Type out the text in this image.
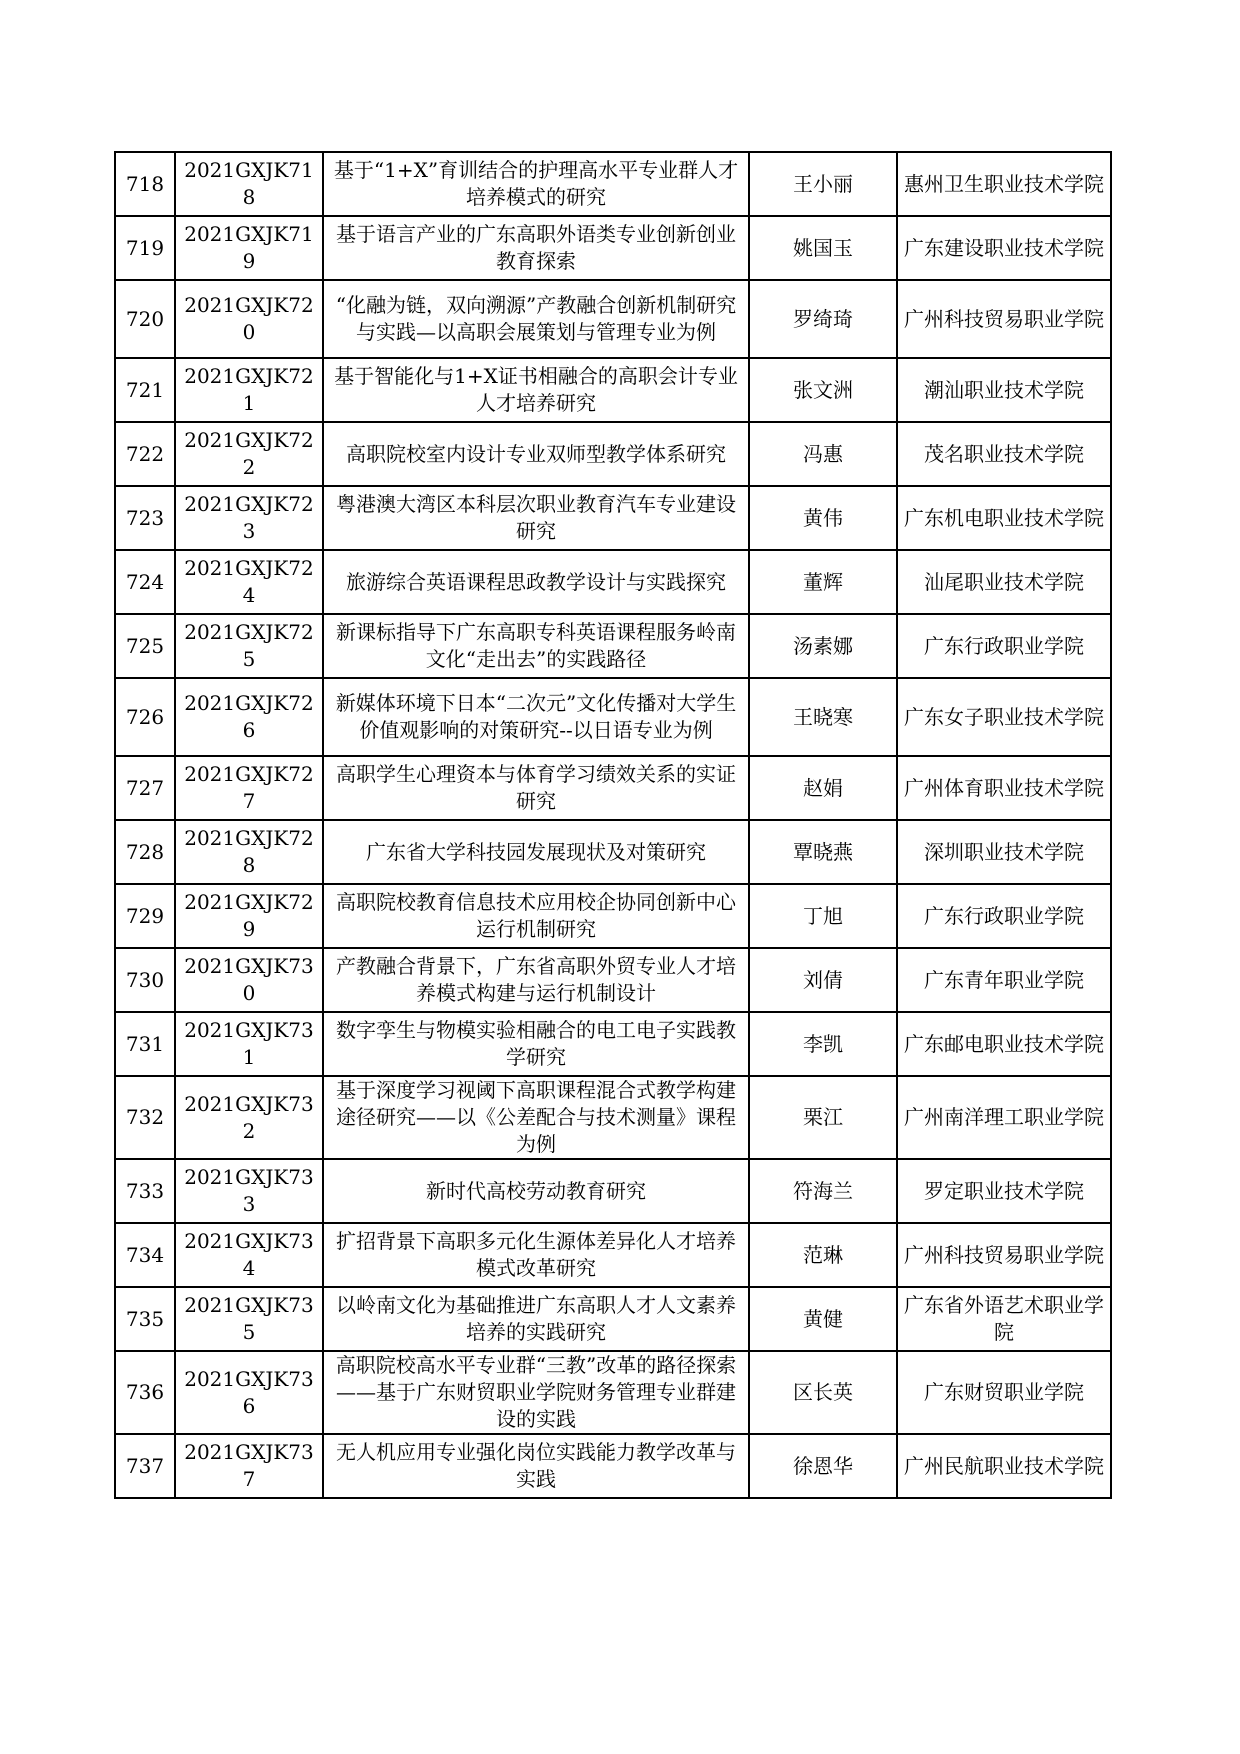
718	2021GXJK718	基于“1+X”育训结合的护理高水平专业群人才培养模式的研究	王小丽	惠州卫生职业技术学院
719	2021GXJK719	基于语言产业的广东高职外语类专业创新创业教育探索	姚国玉	广东建设职业技术学院
720	2021GXJK720	“化融为链，双向溯源”产教融合创新机制研究与实践—以高职会展策划与管理专业为例	罗绮琦	广州科技贸易职业学院
721	2021GXJK721	基于智能化与1+X证书相融合的高职会计专业人才培养研究	张文洲	潮汕职业技术学院
722	2021GXJK722	高职院校室内设计专业双师型教学体系研究	冯惠	茂名职业技术学院
723	2021GXJK723	粤港澳大湾区本科层次职业教育汽车专业建设研究	黄伟	广东机电职业技术学院
724	2021GXJK724	旅游综合英语课程思政教学设计与实践探究	董辉	汕尾职业技术学院
725	2021GXJK725	新课标指导下广东高职专科英语课程服务岭南文化“走出去”的实践路径	汤素娜	广东行政职业学院
726	2021GXJK726	新媒体环境下日本“二次元”文化传播对大学生价值观影响的对策研究--以日语专业为例	王晓寒	广东女子职业技术学院
727	2021GXJK727	高职学生心理资本与体育学习绩效关系的实证研究	赵娟	广州体育职业技术学院
728	2021GXJK728	广东省大学科技园发展现状及对策研究	覃晓燕	深圳职业技术学院
729	2021GXJK729	高职院校教育信息技术应用校企协同创新中心运行机制研究	丁旭	广东行政职业学院
730	2021GXJK730	产教融合背景下，广东省高职外贸专业人才培养模式构建与运行机制设计	刘倩	广东青年职业学院
731	2021GXJK731	数字孪生与物模实验相融合的电工电子实践教学研究	李凯	广东邮电职业技术学院
732	2021GXJK732	基于深度学习视阈下高职课程混合式教学构建途径研究——以《公差配合与技术测量》课程为例	栗江	广州南洋理工职业学院
733	2021GXJK733	新时代高校劳动教育研究	符海兰	罗定职业技术学院
734	2021GXJK734	扩招背景下高职多元化生源体差异化人才培养模式改革研究	范琳	广州科技贸易职业学院
735	2021GXJK735	以岭南文化为基础推进广东高职人才人文素养培养的实践研究	黄健	广东省外语艺术职业学院
736	2021GXJK736	高职院校高水平专业群“三教”改革的路径探索——基于广东财贸职业学院财务管理专业群建设的实践	区长英	广东财贸职业学院
737	2021GXJK737	无人机应用专业强化岗位实践能力教学改革与实践	徐恩华	广州民航职业技术学院
